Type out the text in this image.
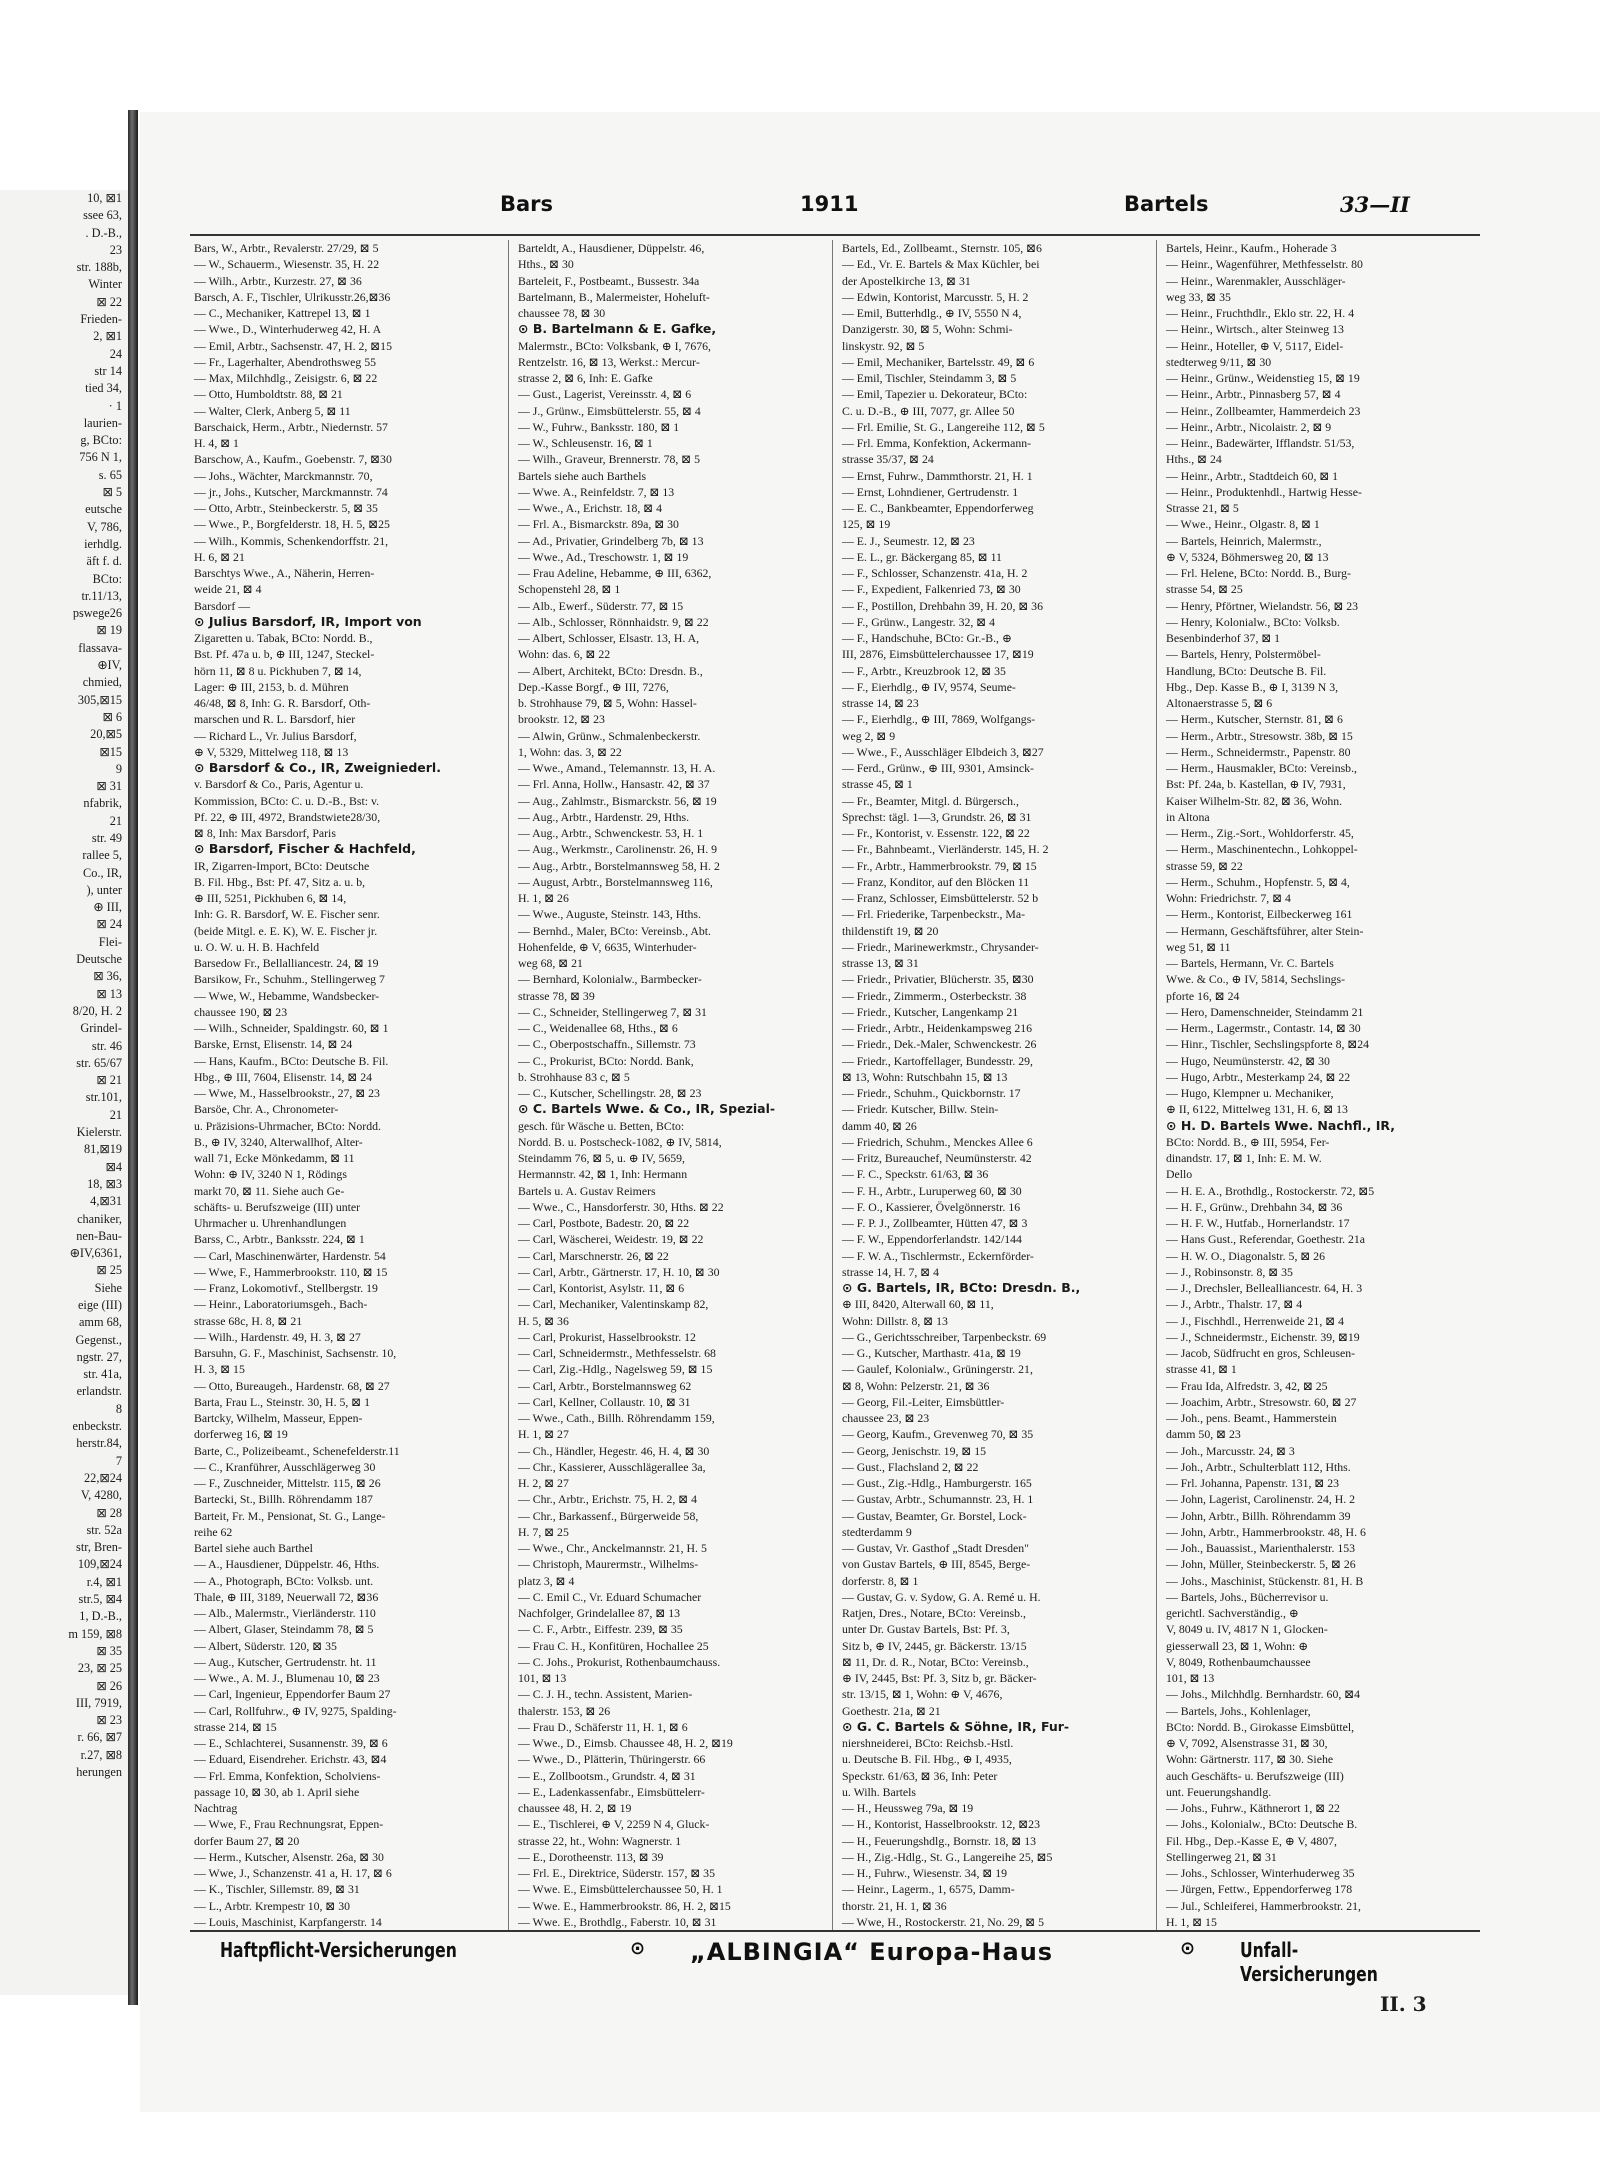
10, ⊠1
ssee 63,
. D.-B.,
23
str. 188b,
Winter
⊠ 22
Frieden-
2, ⊠1
24
str 14
tied 34,
· 1
laurien-
g, BCto:
756 N 1,
s. 65
⊠ 5
eutsche
V, 786,
ierhdlg.
äft f. d.
BCto:
tr.11/13,
pswegе26
⊠ 19
flassava-
⊕IV,
chmied,
305,⊠15
⊠ 6
20,⊠5
⊠15
9
⊠ 31
nfabrik,
21
str. 49
rallee 5,
Co., IR,
), unter
⊕ III,
⊠ 24
Flei-
Deutsche
⊠ 36,
⊠ 13
8/20, H. 2
Grindel-
str. 46
str. 65/67
⊠ 21
str.101,
21
Kielerstr.
81,⊠19
⊠4
18, ⊠3
4,⊠31
chaniker,
nen-Bau-
⊕IV,6361,
⊠ 25
Siehe
eige (III)
amm 68,
Gegenst.,
ngstr. 27,
str. 41a,
erlandstr.
8
enbeckstr.
herstr.84,
7
22,⊠24
V, 4280,
⊠ 28
str. 52a
str, Bren-
109,⊠24
r.4, ⊠1
str.5, ⊠4
1, D.-B.,
m 159, ⊠8
⊠ 35
23, ⊠ 25
⊠ 26
III, 7919,
⊠ 23
r. 66, ⊠7
r.27, ⊠8
herungen
Bars	1911	Bartels	33—II
Bars, W., Arbtr., Revalerstr. 27/29, ⊠ 5
— W., Schauerm., Wiesenstr. 35, H. 22
— Wilh., Arbtr., Kurzestr. 27, ⊠ 36
Barsch, A. F., Tischler, Ulrikusstr.26,⊠36
— C., Mechaniker, Kattrepel 13, ⊠ 1
— Wwe., D., Winterhuderweg 42, H. A
— Emil, Arbtr., Sachsenstr. 47, H. 2, ⊠15
— Fr., Lagerhalter, Abendrothsweg 55
— Max, Milchhdlg., Zeisigstr. 6, ⊠ 22
— Otto, Humboldtstr. 88, ⊠ 21
— Walter, Clerk, Anberg 5, ⊠ 11
Barschaick, Herm., Arbtr., Niedernstr. 57
H. 4, ⊠ 1
Barschow, A., Kaufm., Goebenstr. 7, ⊠30
— Johs., Wächter, Marckmannstr. 70,
— jr., Johs., Kutscher, Marckmannstr. 74
— Otto, Arbtr., Steinbeckerstr. 5, ⊠ 35
— Wwe., P., Borgfelderstr. 18, H. 5, ⊠25
— Wilh., Kommis, Schenkendorffstr. 21,
H. 6, ⊠ 21
Barschtys Wwe., A., Näherin, Herren-
weide 21, ⊠ 4
Barsdorf —
⊙ Julius Barsdorf, IR, Import von
Zigaretten u. Tabak, BCto: Nordd. B.,
Bst. Pf. 47a u. b, ⊕ III, 1247, Steckel-
hörn 11, ⊠ 8 u. Pickhuben 7, ⊠ 14,
Lager: ⊕ III, 2153, b. d. Mühren
46/48, ⊠ 8, Inh: G. R. Barsdorf, Oth-
marschen und R. L. Barsdorf, hier
— Richard L., Vr. Julius Barsdorf,
⊕ V, 5329, Mittelweg 118, ⊠ 13
⊙ Barsdorf & Co., IR, Zweigniederl.
v. Barsdorf & Co., Paris, Agentur u.
Kommission, BCto: C. u. D.-B., Bst: v.
Pf. 22, ⊕ III, 4972, Brandstwiete28/30,
⊠ 8, Inh: Max Barsdorf, Paris
⊙ Barsdorf, Fischer & Hachfeld,
IR, Zigarren-Import, BCto: Deutsche
B. Fil. Hbg., Bst: Pf. 47, Sitz a. u. b,
⊕ III, 5251, Pickhuben 6, ⊠ 14,
Inh: G. R. Barsdorf, W. E. Fischer senr.
(beide Mitgl. e. E. K), W. E. Fischer jr.
u. O. W. u. H. B. Hachfeld
Barsedow Fr., Bellalliancestr. 24, ⊠ 19
Barsikow, Fr., Schuhm., Stellingerweg 7
— Wwe, W., Hebamme, Wandsbecker-
chaussee 190, ⊠ 23
— Wilh., Schneider, Spaldingstr. 60, ⊠ 1
Barske, Ernst, Elisenstr. 14, ⊠ 24
— Hans, Kaufm., BCto: Deutsche B. Fil.
Hbg., ⊕ III, 7604, Elisenstr. 14, ⊠ 24
— Wwe, M., Hasselbrookstr., 27, ⊠ 23
Barsöe, Chr. A., Chronometer-
u. Präzisions-Uhrmacher, BCto: Nordd.
B., ⊕ IV, 3240, Alterwallhof, Alter-
wall 71, Ecke Mönkedamm, ⊠ 11
Wohn: ⊕ IV, 3240 N 1, Rödings
markt 70, ⊠ 11. Siehe auch Ge-
schäfts- u. Berufszweige (III) unter
Uhrmacher u. Uhrenhandlungen
Barss, C., Arbtr., Banksstr. 224, ⊠ 1
— Carl, Maschinenwärter, Hardenstr. 54
— Wwe, F., Hammerbrookstr. 110, ⊠ 15
— Franz, Lokomotivf., Stellbergstr. 19
— Heinr., Laboratoriumsgeh., Bach-
strasse 68c, H. 8, ⊠ 21
— Wilh., Hardenstr. 49, H. 3, ⊠ 27
Barsuhn, G. F., Maschinist, Sachsenstr. 10,
H. 3, ⊠ 15
— Otto, Bureaugeh., Hardenstr. 68, ⊠ 27
Barta, Frau L., Steinstr. 30, H. 5, ⊠ 1
Bartcky, Wilhelm, Masseur, Eppen-
dorferweg 16, ⊠ 19
Barte, C., Polizeibeamt., Schenefelderstr.11
— C., Kranführer, Ausschlägerweg 30
— F., Zuschneider, Mittelstr. 115, ⊠ 26
Barteckі, St., Billh. Röhrendamm 187
Barteit, Fr. M., Pensionat, St. G., Lange-
reihe 62
Bartel siehe auch Barthel
— A., Hausdiener, Düppelstr. 46, Hths.
— A., Photograph, BCto: Volksb. unt.
Thale, ⊕ III, 3189, Neuerwall 72, ⊠36
— Alb., Malermstr., Vierländerstr. 110
— Albert, Glaser, Steindamm 78, ⊠ 5
— Albert, Süderstr. 120, ⊠ 35
— Aug., Kutscher, Gertrudenstr. ht. 11
— Wwe., A. M. J., Blumenau 10, ⊠ 23
— Carl, Ingenieur, Eppendorfer Baum 27
— Carl, Rollfuhrw., ⊕ IV, 9275, Spalding-
strasse 214, ⊠ 15
— E., Schlachterei, Susannenstr. 39, ⊠ 6
— Eduard, Eisendreher. Erichstr. 43, ⊠4
— Frl. Emma, Konfektion, Scholviens-
passage 10, ⊠ 30, ab 1. April siehe
Nachtrag
— Wwe, F., Frau Rechnungsrat, Eppen-
dorfer Baum 27, ⊠ 20
— Herm., Kutscher, Alsenstr. 26a, ⊠ 30
— Wwe, J., Schanzenstr. 41 a, H. 17, ⊠ 6
— K., Tischler, Sillemstr. 89, ⊠ 31
— L., Arbtr. Krempestr 10, ⊠ 30
— Louis, Maschinist, Karpfangerstr. 14
Barteldt, A., Hausdiener, Düppelstr. 46,
Hths., ⊠ 30
Barteleit, F., Postbeamt., Bussestr. 34a
Bartelmann, B., Malermeister, Hoheluft-
chaussee 78, ⊠ 30
⊙ B. Bartelmann & E. Gafke,
Malermstr., BCto: Volksbank, ⊕ I, 7676,
Rentzelstr. 16, ⊠ 13, Werkst.: Mercur-
strasse 2, ⊠ 6, Inh: E. Gafke
— Gust., Lagerist, Vereinsstr. 4, ⊠ 6
— J., Grünw., Eimsbüttelerstr. 55, ⊠ 4
— W., Fuhrw., Banksstr. 180, ⊠ 1
— W., Schleusenstr. 16, ⊠ 1
— Wilh., Graveur, Brennerstr. 78, ⊠ 5
Bartels siehe auch Barthels
— Wwe. A., Reinfeldstr. 7, ⊠ 13
— Wwe., A., Erichstr. 18, ⊠ 4
— Frl. A., Bismarckstr. 89a, ⊠ 30
— Ad., Privatier, Grindelberg 7b, ⊠ 13
— Wwe., Ad., Treschowstr. 1, ⊠ 19
— Frau Adeline, Hebamme, ⊕ III, 6362,
Schopenstehl 28, ⊠ 1
— Alb., Ewerf., Süderstr. 77, ⊠ 15
— Alb., Schlosser, Rönnhaidstr. 9, ⊠ 22
— Albert, Schlosser, Elsastr. 13, H. A,
Wohn: das. 6, ⊠ 22
— Albert, Architekt, BCto: Dresdn. B.,
Dep.-Kasse Borgf., ⊕ III, 7276,
b. Strohhause 79, ⊠ 5, Wohn: Hassel-
brookstr. 12, ⊠ 23
— Alwin, Grünw., Schmalenbeckerstr.
1, Wohn: das. 3, ⊠ 22
— Wwe., Amand., Telemannstr. 13, H. A.
— Frl. Anna, Hollw., Hansastr. 42, ⊠ 37
— Aug., Zahlmstr., Bismarckstr. 56, ⊠ 19
— Aug., Arbtr., Hardenstr. 29, Hths.
— Aug., Arbtr., Schwenckestr. 53, H. 1
— Aug., Werkmstr., Carolinenstr. 26, H. 9
— Aug., Arbtr., Borstelmannsweg 58, H. 2
— August, Arbtr., Borstelmannsweg 116,
H. 1, ⊠ 26
— Wwe., Auguste, Steinstr. 143, Hths.
— Bernhd., Maler, BCto: Vereinsb., Abt.
Hohenfelde, ⊕ V, 6635, Winterhuder-
weg 68, ⊠ 21
— Bernhard, Kolonialw., Barmbecker-
strasse 78, ⊠ 39
— C., Schneider, Stellingerweg 7, ⊠ 31
— C., Weidenallee 68, Hths., ⊠ 6
— C., Oberpostschaffn., Sillemstr. 73
— C., Prokurist, BCto: Nordd. Bank,
b. Strohhause 83 c, ⊠ 5
— C., Kutscher, Schellingstr. 28, ⊠ 23
⊙ C. Bartels Wwe. & Co., IR, Spezial-
gesch. für Wäsche u. Betten, BCto:
Nordd. B. u. Postscheck-1082, ⊕ IV, 5814,
Steindamm 76, ⊠ 5, u. ⊕ IV, 5659,
Hermannstr. 42, ⊠ 1, Inh: Hermann
Bartels u. A. Gustav Reimers
— Wwe., C., Hansdorferstr. 30, Hths. ⊠ 22
— Carl, Postbote, Badestr. 20, ⊠ 22
— Carl, Wäscherei, Weidestr. 19, ⊠ 22
— Carl, Marschnerstr. 26, ⊠ 22
— Carl, Arbtr., Gärtnerstr. 17, H. 10, ⊠ 30
— Carl, Kontorist, Asylstr. 11, ⊠ 6
— Carl, Mechaniker, Valentinskamp 82,
H. 5, ⊠ 36
— Carl, Prokurist, Hasselbrookstr. 12
— Carl, Schneidermstr., Methfesselstr. 68
— Carl, Zig.-Hdlg., Nagelsweg 59, ⊠ 15
— Carl, Arbtr., Borstelmannsweg 62
— Carl, Kellner, Collaustr. 10, ⊠ 31
— Wwe., Cath., Billh. Röhrendamm 159,
H. 1, ⊠ 27
— Ch., Händler, Hegestr. 46, H. 4, ⊠ 30
— Chr., Kassierer, Ausschlägerallee 3a,
H. 2, ⊠ 27
— Chr., Arbtr., Erichstr. 75, H. 2, ⊠ 4
— Chr., Barkassenf., Bürgerweide 58,
H. 7, ⊠ 25
— Wwe., Chr., Anckelmannstr. 21, H. 5
— Christoph, Maurermstr., Wilhelms-
platz 3, ⊠ 4
— C. Emil C., Vr. Eduard Schumacher
Nachfolger, Grindelallee 87, ⊠ 13
— C. F., Arbtr., Eiffestr. 239, ⊠ 35
— Frau C. H., Konfitüren, Hochallee 25
— C. Johs., Prokurist, Rothenbaumchauss.
101, ⊠ 13
— C. J. H., techn. Assistent, Marien-
thalerstr. 153, ⊠ 26
— Frau D., Schäferstr 11, H. 1, ⊠ 6
— Wwe., D., Eimsb. Chaussee 48, H. 2, ⊠19
— Wwe., D., Plätterin, Thüringerstr. 66
— E., Zollbootsm., Grundstr. 4, ⊠ 31
— E., Ladenkassenfabr., Eimsbüttelerr-
chaussee 48, H. 2, ⊠ 19
— E., Tischlerei, ⊕ V, 2259 N 4, Gluck-
strasse 22, ht., Wohn: Wagnerstr. 1
— E., Dorotheenstr. 113, ⊠ 39
— Frl. E., Direktrice, Süderstr. 157, ⊠ 35
— Wwe. E., Eimsbüttelerchaussee 50, H. 1
— Wwe. E., Hammerbrookstr. 86, H. 2, ⊠15
— Wwe. E., Brothdlg., Faberstr. 10, ⊠ 31
Bartels, Ed., Zollbeamt., Sternstr. 105, ⊠6
— Ed., Vr. E. Bartels & Max Küchler, bei
der Apostelkirche 13, ⊠ 31
— Edwin, Kontorist, Marcusstr. 5, H. 2
— Emil, Butterhdlg., ⊕ IV, 5550 N 4,
Danzigerstr. 30, ⊠ 5, Wohn: Schmi-
linskystr. 92, ⊠ 5
— Emil, Mechaniker, Bartelsstr. 49, ⊠ 6
— Emil, Tischler, Steindamm 3, ⊠ 5
— Emil, Tapezier u. Dekorateur, BCto:
C. u. D.-B., ⊕ III, 7077, gr. Allee 50
— Frl. Emilie, St. G., Langereihe 112, ⊠ 5
— Frl. Emma, Konfektion, Ackermann-
strasse 35/37, ⊠ 24
— Ernst, Fuhrw., Dammthorstr. 21, H. 1
— Ernst, Lohndiener, Gertrudenstr. 1
— E. C., Bankbeamter, Eppendorferweg
125, ⊠ 19
— E. J., Seumestr. 12, ⊠ 23
— E. L., gr. Bäckergang 85, ⊠ 11
— F., Schlosser, Schanzenstr. 41a, H. 2
— F., Expedient, Falkenried 73, ⊠ 30
— F., Postillon, Drehbahn 39, H. 20, ⊠ 36
— F., Grünw., Langestr. 32, ⊠ 4
— F., Handschuhe, BCto: Gr.-B., ⊕
III, 2876, Eimsbüttelerchaussee 17, ⊠19
— F., Arbtr., Kreuzbrook 12, ⊠ 35
— F., Eierhdlg., ⊕ IV, 9574, Seume-
strasse 14, ⊠ 23
— F., Eierhdlg., ⊕ III, 7869, Wolfgangs-
weg 2, ⊠ 9
— Wwe., F., Ausschläger Elbdeich 3, ⊠27
— Ferd., Grünw., ⊕ III, 9301, Amsinck-
strasse 45, ⊠ 1
— Fr., Beamter, Mitgl. d. Bürgersch.,
Sprechst: tägl. 1—3, Grundstr. 26, ⊠ 31
— Fr., Kontorist, v. Essenstr. 122, ⊠ 22
— Fr., Bahnbeamt., Vierländerstr. 145, H. 2
— Fr., Arbtr., Hammerbrookstr. 79, ⊠ 15
— Franz, Konditor, auf den Blöcken 11
— Franz, Schlosser, Eimsbüttelerstr. 52 b
— Frl. Friederike, Tarpenbeckstr., Ma-
thildenstift 19, ⊠ 20
— Friedr., Marinewerkmstr., Chrysander-
strasse 13, ⊠ 31
— Friedr., Privatier, Blücherstr. 35, ⊠30
— Friedr., Zimmerm., Osterbeckstr. 38
— Friedr., Kutscher, Langenkamp 21
— Friedr., Arbtr., Heidenkampsweg 216
— Friedr., Dek.-Maler, Schwenckestr. 26
— Friedr., Kartoffellager, Bundesstr. 29,
⊠ 13, Wohn: Rutschbahn 15, ⊠ 13
— Friedr., Schuhm., Quickbornstr. 17
— Friedr. Kutscher, Billw. Stein-
damm 40, ⊠ 26
— Friedrich, Schuhm., Menckes Allee 6
— Fritz, Bureauchef, Neumünsterstr. 42
— F. C., Speckstr. 61/63, ⊠ 36
— F. H., Arbtr., Luruperweg 60, ⊠ 30
— F. O., Kassierer, Övelgönnerstr. 16
— F. P. J., Zollbeamter, Hütten 47, ⊠ 3
— F. W., Eppendorferlandstr. 142/144
— F. W. A., Tischlermstr., Eckernförder-
strasse 14, H. 7, ⊠ 4
⊙ G. Bartels, IR, BCto: Dresdn. B.,
⊕ III, 8420, Alterwall 60, ⊠ 11,
Wohn: Dillstr. 8, ⊠ 13
— G., Gerichtsschreiber, Tarpenbeckstr. 69
— G., Kutscher, Marthastr. 41a, ⊠ 19
— Gaulef, Kolonialw., Grüningerstr. 21,
⊠ 8, Wohn: Pelzerstr. 21, ⊠ 36
— Georg, Fil.-Leiter, Eimsbüttler-
chaussee 23, ⊠ 23
— Georg, Kaufm., Grevenweg 70, ⊠ 35
— Georg, Jenischstr. 19, ⊠ 15
— Gust., Flachsland 2, ⊠ 22
— Gust., Zig.-Hdlg., Hamburgerstr. 165
— Gustav, Arbtr., Schumannstr. 23, H. 1
— Gustav, Beamter, Gr. Borstel, Lock-
stedterdamm 9
— Gustav, Vr. Gasthof „Stadt Dresden"
von Gustav Bartels, ⊕ III, 8545, Berge-
dorferstr. 8, ⊠ 1
— Gustav, G. v. Sydow, G. A. Remé u. H.
Ratjen, Dres., Notare, BCto: Vereinsb.,
unter Dr. Gustav Bartels, Bst: Pf. 3,
Sitz b, ⊕ IV, 2445, gr. Bäckerstr. 13/15
⊠ 11, Dr. d. R., Notar, BCto: Vereinsb.,
⊕ IV, 2445, Bst: Pf. 3, Sitz b, gr. Bäcker-
str. 13/15, ⊠ 1, Wohn: ⊕ V, 4676,
Goethestr. 21a, ⊠ 21
⊙ G. C. Bartels & Söhne, IR, Fur-
niershneiderei, BCto: Reichsb.-Hstl.
u. Deutsche B. Fil. Hbg., ⊕ I, 4935,
Speckstr. 61/63, ⊠ 36, Inh: Peter
u. Wilh. Bartels
— H., Heussweg 79a, ⊠ 19
— H., Kontorist, Hasselbrookstr. 12, ⊠23
— H., Feuerungshdlg., Bornstr. 18, ⊠ 13
— H., Zig.-Hdlg., St. G., Langereihe 25, ⊠5
— H., Fuhrw., Wiesenstr. 34, ⊠ 19
— Heinr., Lagerm., 1, 6575, Damm-
thorstr. 21, H. 1, ⊠ 36
— Wwe, H., Rostockerstr. 21, No. 29, ⊠ 5
Bartels, Heinr., Kaufm., Hoherade 3
— Heinr., Wagenführer, Methfesselstr. 80
— Heinr., Warenmakler, Ausschläger-
weg 33, ⊠ 35
— Heinr., Fruchthdlr., Eklo str. 22, H. 4
— Heinr., Wirtsch., alter Steinweg 13
— Heinr., Hoteller, ⊕ V, 5117, Eidel-
stedterweg 9/11, ⊠ 30
— Heinr., Grünw., Weidenstieg 15, ⊠ 19
— Heinr., Arbtr., Pinnasberg 57, ⊠ 4
— Heinr., Zollbeamter, Hammerdeich 23
— Heinr., Arbtr., Nicolaistr. 2, ⊠ 9
— Heinr., Badewärter, Ifflandstr. 51/53,
Hths., ⊠ 24
— Heinr., Arbtr., Stadtdeich 60, ⊠ 1
— Heinr., Produktenhdl., Hartwig Hesse-
Strasse 21, ⊠ 5
— Wwe., Heinr., Olgastr. 8, ⊠ 1
— Bartels, Heinrich, Malermstr.,
⊕ V, 5324, Böhmersweg 20, ⊠ 13
— Frl. Helene, BCto: Nordd. B., Burg-
strasse 54, ⊠ 25
— Henry, Pförtner, Wielandstr. 56, ⊠ 23
— Henry, Kolonialw., BCto: Volksb.
Besenbinderhof 37, ⊠ 1
— Bartels, Henry, Polstermöbel-
Handlung, BCto: Deutsche B. Fil.
Hbg., Dep. Kasse B., ⊕ I, 3139 N 3,
Altonaerstrasse 5, ⊠ 6
— Herm., Kutscher, Sternstr. 81, ⊠ 6
— Herm., Arbtr., Stresowstr. 38b, ⊠ 15
— Herm., Schneidermstr., Papenstr. 80
— Herm., Hausmakler, BCto: Vereinsb.,
Bst: Pf. 24a, b. Kastellan, ⊕ IV, 7931,
Kaiser Wilhelm-Str. 82, ⊠ 36, Wohn.
in Altona
— Herm., Zig.-Sort., Wohldorferstr. 45,
— Herm., Maschinentechn., Lohkoppel-
strasse 59, ⊠ 22
— Herm., Schuhm., Hopfenstr. 5, ⊠ 4,
Wohn: Friedrichstr. 7, ⊠ 4
— Herm., Kontorist, Eilbeckerweg 161
— Hermann, Geschäftsführer, alter Stein-
weg 51, ⊠ 11
— Bartels, Hermann, Vr. C. Bartels
Wwe. & Co., ⊕ IV, 5814, Sechslings-
pforte 16, ⊠ 24
— Hero, Damenschneider, Steindamm 21
— Herm., Lagermstr., Contastr. 14, ⊠ 30
— Hinr., Tischler, Sechslingspforte 8, ⊠24
— Hugo, Neumünsterstr. 42, ⊠ 30
— Hugo, Arbtr., Mesterkamp 24, ⊠ 22
— Hugo, Klempner u. Mechaniker,
⊕ II, 6122, Mittelweg 131, H. 6, ⊠ 13
⊙ H. D. Bartels Wwe. Nachfl., IR,
BCto: Nordd. B., ⊕ III, 5954, Fer-
dinandstr. 17, ⊠ 1, Inh: E. M. W.
Dello
— H. E. A., Brothdlg., Rostockerstr. 72, ⊠5
— H. F., Grünw., Drehbahn 34, ⊠ 36
— H. F. W., Hutfab., Hornerlandstr. 17
— Hans Gust., Referendar, Goethestr. 21a
— H. W. O., Diagonalstr. 5, ⊠ 26
— J., Robinsonstr. 8, ⊠ 35
— J., Drechsler, Bellealliancestr. 64, H. 3
— J., Arbtr., Thalstr. 17, ⊠ 4
— J., Fischhdl., Herrenweide 21, ⊠ 4
— J., Schneidermstr., Eichenstr. 39, ⊠19
— Jacob, Südfrucht en gros, Schleusen-
strasse 41, ⊠ 1
— Frau Ida, Alfredstr. 3, 42, ⊠ 25
— Joachim, Arbtr., Stresowstr. 60, ⊠ 27
— Joh., pens. Beamt., Hammerstein
damm 50, ⊠ 23
— Joh., Marcusstr. 24, ⊠ 3
— Joh., Arbtr., Schulterblatt 112, Hths.
— Frl. Johanna, Papenstr. 131, ⊠ 23
— John, Lagerist, Carolinenstr. 24, H. 2
— John, Arbtr., Billh. Röhrendamm 39
— John, Arbtr., Hammerbrookstr. 48, H. 6
— Joh., Bauassist., Marienthalerstr. 153
— John, Müller, Steinbeckerstr. 5, ⊠ 26
— Johs., Maschinist, Stückenstr. 81, H. B
— Bartels, Johs., Bücherrevisor u.
gerichtl. Sachverständig., ⊕
V, 8049 u. IV, 4817 N 1, Glocken-
giesserwall 23, ⊠ 1, Wohn: ⊕
V, 8049, Rothenbaumchaussee
101, ⊠ 13
— Johs., Milchhdlg. Bernhardstr. 60, ⊠4
— Bartels, Johs., Kohlenlager,
BCto: Nordd. B., Girokasse Eimsbüttel,
⊕ V, 7092, Alsenstrasse 31, ⊠ 30,
Wohn: Gärtnerstr. 117, ⊠ 30. Siehe
auch Geschäfts- u. Berufszweige (III)
unt. Feuerungshandlg.
— Johs., Fuhrw., Käthnerort 1, ⊠ 22
— Johs., Kolonialw., BCto: Deutsche B.
Fil. Hbg., Dep.-Kasse E, ⊕ V, 4807,
Stellingerweg 21, ⊠ 31
— Johs., Schlosser, Winterhuderweg 35
— Jürgen, Fettw., Eppendorferweg 178
— Jul., Schleiferei, Hammerbrookstr. 21,
H. 1, ⊠ 15
Haftpflicht-Versicherungen	⊙ „ALBINGIA“ Europa-Haus	⊙ Unfall-Versicherungen
II. 3
